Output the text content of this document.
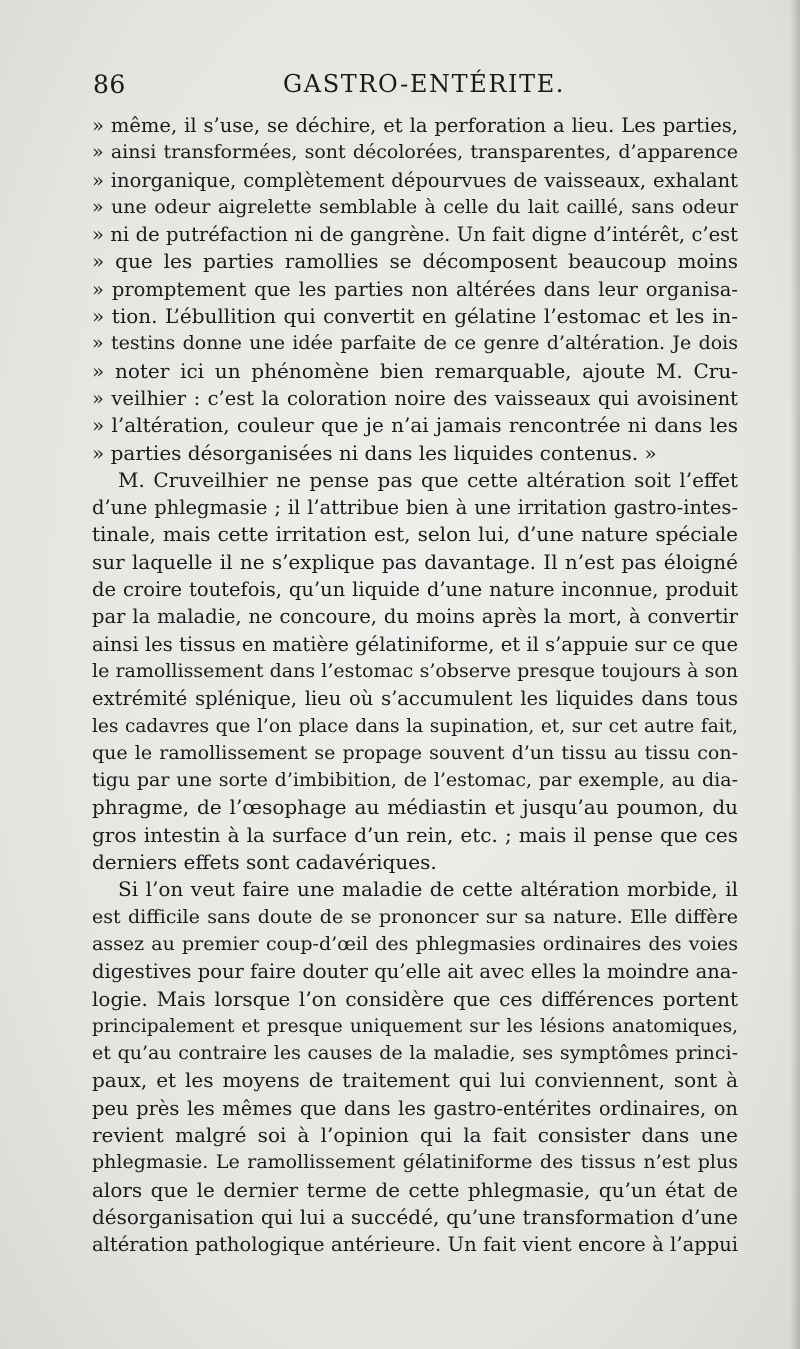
86	GASTRO-ENTÉRITE.
» même, il s’use, se déchire, et la perforation a lieu. Les parties,
» ainsi transformées, sont décolorées, transparentes, d’apparence
» inorganique, complètement dépourvues de vaisseaux, exhalant
» une odeur aigrelette semblable à celle du lait caillé, sans odeur
» ni de putréfaction ni de gangrène. Un fait digne d’intérêt, c’est
» que les parties ramollies se décomposent beaucoup moins
» promptement que les parties non altérées dans leur organisa-
» tion. L’ébullition qui convertit en gélatine l’estomac et les in-
» testins donne une idée parfaite de ce genre d’altération. Je dois
» noter ici un phénomène bien remarquable, ajoute M. Cru-
» veilhier : c’est la coloration noire des vaisseaux qui avoisinent
» l’altération, couleur que je n’ai jamais rencontrée ni dans les
» parties désorganisées ni dans les liquides contenus. »
M. Cruveilhier ne pense pas que cette altération soit l’effet
d’une phlegmasie ; il l’attribue bien à une irritation gastro-intes-
tinale, mais cette irritation est, selon lui, d’une nature spéciale
sur laquelle il ne s’explique pas davantage. Il n’est pas éloigné
de croire toutefois, qu’un liquide d’une nature inconnue, produit
par la maladie, ne concoure, du moins après la mort, à convertir
ainsi les tissus en matière gélatiniforme, et il s’appuie sur ce que
le ramollissement dans l’estomac s’observe presque toujours à son
extrémité splénique, lieu où s’accumulent les liquides dans tous
les cadavres que l’on place dans la supination, et, sur cet autre fait,
que le ramollissement se propage souvent d’un tissu au tissu con-
tigu par une sorte d’imbibition, de l’estomac, par exemple, au dia-
phragme, de l’œsophage au médiastin et jusqu’au poumon, du
gros intestin à la surface d’un rein, etc. ; mais il pense que ces
derniers effets sont cadavériques.
Si l’on veut faire une maladie de cette altération morbide, il
est difficile sans doute de se prononcer sur sa nature. Elle diffère
assez au premier coup-d’œil des phlegmasies ordinaires des voies
digestives pour faire douter qu’elle ait avec elles la moindre ana-
logie. Mais lorsque l’on considère que ces différences portent
principalement et presque uniquement sur les lésions anatomiques,
et qu’au contraire les causes de la maladie, ses symptômes princi-
paux, et les moyens de traitement qui lui conviennent, sont à
peu près les mêmes que dans les gastro-entérites ordinaires, on
revient malgré soi à l’opinion qui la fait consister dans une
phlegmasie. Le ramollissement gélatiniforme des tissus n’est plus
alors que le dernier terme de cette phlegmasie, qu’un état de
désorganisation qui lui a succédé, qu’une transformation d’une
altération pathologique antérieure. Un fait vient encore à l’appui
